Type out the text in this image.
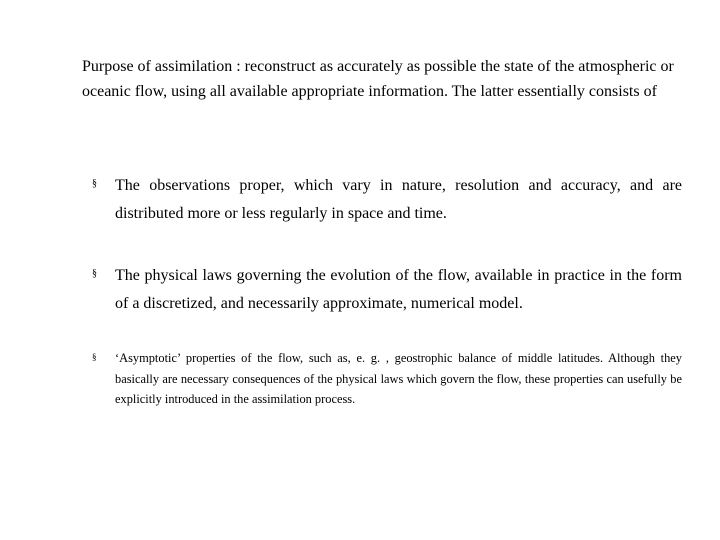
Purpose of assimilation : reconstruct as accurately as possible the state of the atmospheric or oceanic flow, using all available appropriate information. The latter essentially consists of

§ The observations proper, which vary in nature, resolution and accuracy, and are distributed more or less regularly in space and time.

§ The physical laws governing the evolution of the flow, available in practice in the form of a discretized, and necessarily approximate, numerical model.

§ ‘Asymptotic’ properties of the flow, such as, e. g. , geostrophic balance of middle latitudes. Although they basically are necessary consequences of the physical laws which govern the flow, these properties can usefully be explicitly introduced in the assimilation process.
